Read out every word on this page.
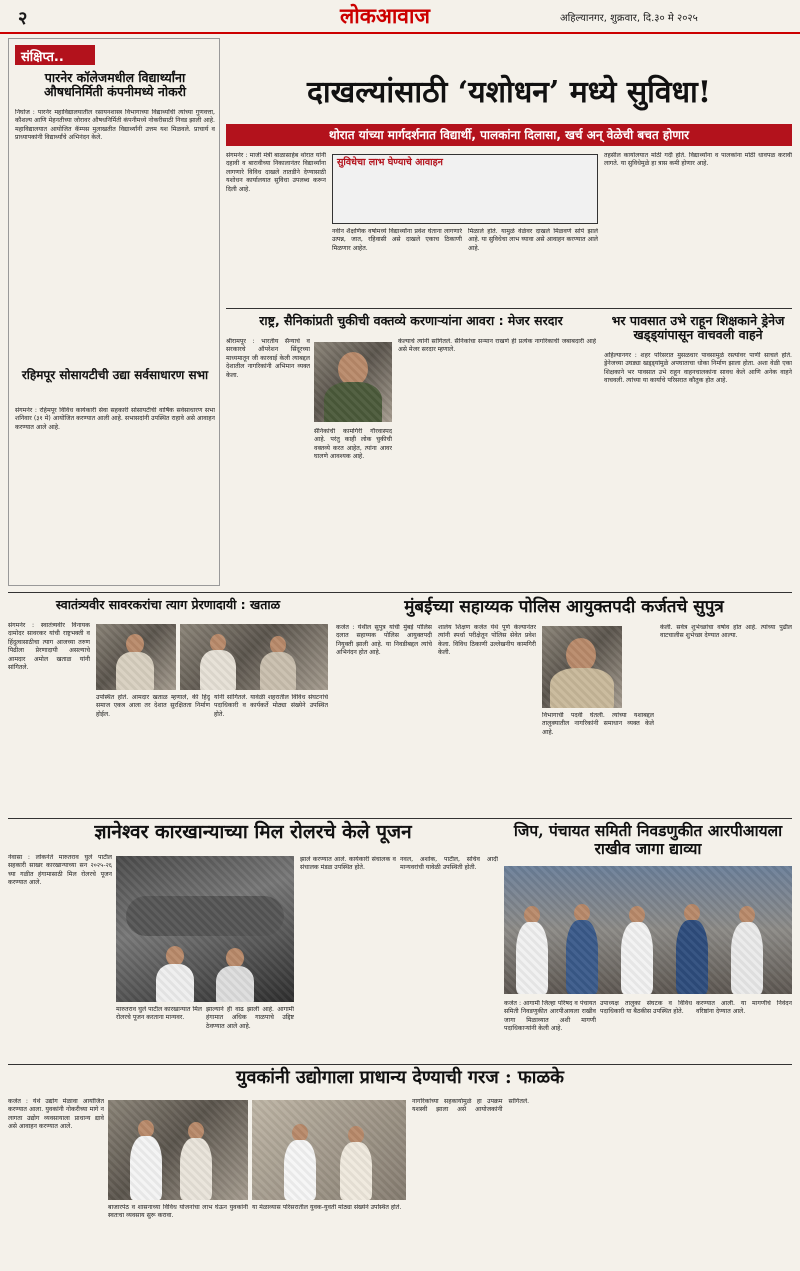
२	लोकआवाज	अहिल्यानगर, शुक्रवार, दि.३० मे २०२५
संक्षिप्त..
पारनेर कॉलेजमधील विद्यार्थ्यांना औषधनिर्मिती कंपनीमध्ये नोकरी
निघोज : पारनेर महाविद्यालयातील रसायनशास्त्र विभागाच्या विद्यार्थ्यांची त्यांच्या गुणवत्ता, कौशल्य आणि मेहनतीच्या जोरावर औषधनिर्मिती कंपनीमध्ये नोकरीसाठी निवड झाली आहे. महाविद्यालयात आयोजित कॅम्पस मुलाखतीत विद्यार्थ्यांनी उत्तम यश मिळवले. प्राचार्य व प्राध्यापकांनी विद्यार्थ्यांचे अभिनंदन केले.
रहिमपूर सोसायटीची उद्या सर्वसाधारण सभा
संगमनेर : रहिमपूर विविध कार्यकारी सेवा सहकारी सोसायटीची वार्षिक सर्वसाधारण सभा शनिवार (३१ मे) आयोजित करण्यात आली आहे. सभासदांनी उपस्थित राहावे असे आवाहन करण्यात आले आहे.
दाखल्यांसाठी ‘यशोधन’ मध्ये सुविधा!
थोरात यांच्या मार्गदर्शनात विद्यार्थी, पालकांना दिलासा, खर्च अन् वेळेची बचत होणार
संगमनेर : माजी मंत्री बाळासाहेब थोरात यांनी दहावी व बारावीच्या निकालानंतर विद्यार्थ्यांना लागणारे विविध दाखले तातडीने देण्यासाठी यशोधन कार्यालयात सुविधा उपलब्ध करून दिली आहे.
सुविधेचा लाभ घेण्याचे आवाहन
नवीन शैक्षणिक वर्षामध्ये विद्यार्थ्यांना प्रवेश घेताना लागणारे उत्पन्न, जात, रहिवासी असे दाखले एकाच ठिकाणी मिळणार आहेत.
मिळाले होते. यामुळे वेळेवर दाखले मिळवणे सोपे झाले आहे. या सुविधेचा लाभ घ्यावा असे आवाहन करण्यात आले आहे.
तहसील कार्यालयात मोठी गर्दी होते. विद्यार्थ्यांना व पालकांना मोठी धावपळ करावी लागते. या सुविधेमुळे हा त्रास कमी होणार आहे.
राष्ट्र, सैनिकांप्रती चुकीची वक्तव्ये करणाऱ्यांना आवरा : मेजर सरदार
श्रीरामपूर : भारतीय सैन्याचे व सरकारचे ऑपरेशन सिंदूरच्या माध्यमातून जी कारवाई केली त्याबद्दल देशातील नागरिकांनी अभिमान व्यक्त केला.
सैनिकांची कामगिरी गौरवास्पद आहे. परंतु काही लोक चुकीची वक्तव्ये करत आहेत, त्यांना आवर घालणे आवश्यक आहे.
केल्याचे त्यांनी सांगितले. सैनिकांचा सन्मान राखणे ही प्रत्येक नागरिकाची जबाबदारी आहे असे मेजर सरदार म्हणाले.
भर पावसात उभे राहून शिक्षकाने ड्रेनेज खड्ड्यांपासून वाचवली वाहने
अहिल्यानगर : शहर परिसरात मुसळधार पावसामुळे रस्त्यांवर पाणी साचले होते. ड्रेनेजच्या उघड्या खड्ड्यांमुळे अपघाताचा धोका निर्माण झाला होता. अशा वेळी एका शिक्षकाने भर पावसात उभे राहून वाहनचालकांना सावध केले आणि अनेक वाहने वाचवली. त्यांच्या या कार्याचे परिसरात कौतुक होत आहे.
स्वातंत्र्यवीर सावरकरांचा त्याग प्रेरणादायी : खताळ
संगमनेर : स्वातंत्र्यवीर विनायक दामोदर सावरकर यांची राष्ट्रभक्ती व हिंदुत्वासाठीचा त्याग आजच्या तरुण पिढीला प्रेरणादायी असल्याचे आमदार अमोल खताळ यांनी सांगितले.
उपस्थित होते. आमदार खताळ म्हणाले, की हिंदू समाज एकत्र आला तर देशात सुरक्षितता निर्माण होईल.
यांनी सांगितले. यावेळी शहरातील विविध संघटनांचे पदाधिकारी व कार्यकर्ते मोठ्या संख्येने उपस्थित होते.
मुंबईच्या सहाय्यक पोलिस आयुक्तपदी कर्जतचे सुपुत्र
कर्जत : येथील सुपुत्र यांची मुंबई पोलिस दलात सहाय्यक पोलिस आयुक्तपदी नियुक्ती झाली आहे. या निवडीबद्दल त्यांचे अभिनंदन होत आहे.
शालेय शिक्षण कर्जत येथे पूर्ण केल्यानंतर त्यांनी स्पर्धा परीक्षेतून पोलिस सेवेत प्रवेश केला. विविध ठिकाणी उल्लेखनीय कामगिरी केली.
विभागाची पदवी घेतली. त्यांच्या यशाबद्दल तालुक्यातील नागरिकांनी समाधान व्यक्त केले आहे.
केली. सर्वत्र शुभेच्छांचा वर्षाव होत आहे. त्यांच्या पुढील वाटचालीस शुभेच्छा देण्यात आल्या.
ज्ञानेश्वर कारखान्याच्या मिल रोलरचे केले पूजन
नेवासा : लोकनेते मारुतराव घुले पाटील सहकारी साखर कारखान्याच्या सन २०२५-२६ च्या गळीत हंगामासाठी मिल रोलरचे पूजन करण्यात आले.
मारुतराव घुले पाटील कारखान्यात मिल रोलरचे पूजन करताना मान्यवर.
झाल्याने ही वाढ झाली आहे. आगामी हंगामात अधिक गाळपाचे उद्दिष्ट ठेवण्यात आले आहे.
झाले करण्यात आले. कार्यकारी संचालक व संचालक मंडळ उपस्थित होते.
नवल, अशोक, पाटील, सचिव आदी मान्यवरांची यावेळी उपस्थिती होती.
जिप, पंचायत समिती निवडणुकीत आरपीआयला राखीव जागा द्याव्या
कर्जत : आगामी जिल्हा परिषद व पंचायत समिती निवडणुकीत आरपीआयला राखीव जागा मिळाव्यात अशी मागणी पदाधिकाऱ्यांनी केली आहे.
उपाध्यक्ष तालुका संघटक व विविध पदाधिकारी या बैठकीस उपस्थित होते.
करण्यात आली. या मागणीचे निवेदन वरिष्ठांना देण्यात आले.
युवकांनी उद्योगाला प्राधान्य देण्याची गरज : फाळके
कर्जत : येथे उद्योग मेळावा आयोजित करण्यात आला. युवकांनी नोकरीच्या मागे न लागता उद्योग व्यवसायाला प्राधान्य द्यावे असे आवाहन करण्यात आले.
बाजारपेठ व शासनाच्या विविध योजनांचा लाभ घेऊन युवकांनी स्वतःचा व्यवसाय सुरू करावा.
या मेळाव्यास परिसरातील युवक-युवती मोठ्या संख्येने उपस्थित होते.
नागरिकांच्या सहकार्यामुळे हा उपक्रम यशस्वी झाला असे आयोजकांनी सांगितले.
